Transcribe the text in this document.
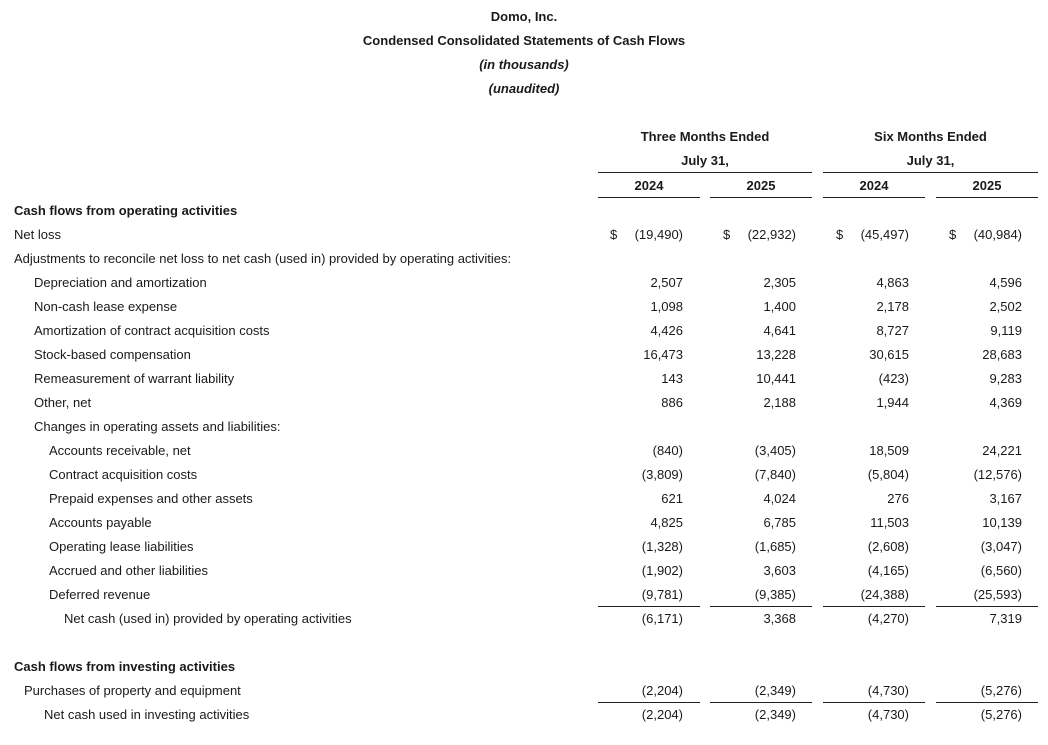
Domo, Inc.
Condensed Consolidated Statements of Cash Flows
(in thousands)
(unaudited)
Three Months Ended
July 31,
Six Months Ended
July 31,
2024	2025	2024	2025
Cash flows from operating activities
Net loss	$	(19,490)	$	(22,932)	$	(45,497)	$	(40,984)
Adjustments to reconcile net loss to net cash (used in) provided by operating activities:
Depreciation and amortization	2,507	2,305	4,863	4,596
Non-cash lease expense	1,098	1,400	2,178	2,502
Amortization of contract acquisition costs	4,426	4,641	8,727	9,119
Stock-based compensation	16,473	13,228	30,615	28,683
Remeasurement of warrant liability	143	10,441	(423)	9,283
Other, net	886	2,188	1,944	4,369
Changes in operating assets and liabilities:
Accounts receivable, net	(840)	(3,405)	18,509	24,221
Contract acquisition costs	(3,809)	(7,840)	(5,804)	(12,576)
Prepaid expenses and other assets	621	4,024	276	3,167
Accounts payable	4,825	6,785	11,503	10,139
Operating lease liabilities	(1,328)	(1,685)	(2,608)	(3,047)
Accrued and other liabilities	(1,902)	3,603	(4,165)	(6,560)
Deferred revenue	(9,781)	(9,385)	(24,388)	(25,593)
Net cash (used in) provided by operating activities	(6,171)	3,368	(4,270)	7,319
Cash flows from investing activities
Purchases of property and equipment	(2,204)	(2,349)	(4,730)	(5,276)
Net cash used in investing activities	(2,204)	(2,349)	(4,730)	(5,276)
